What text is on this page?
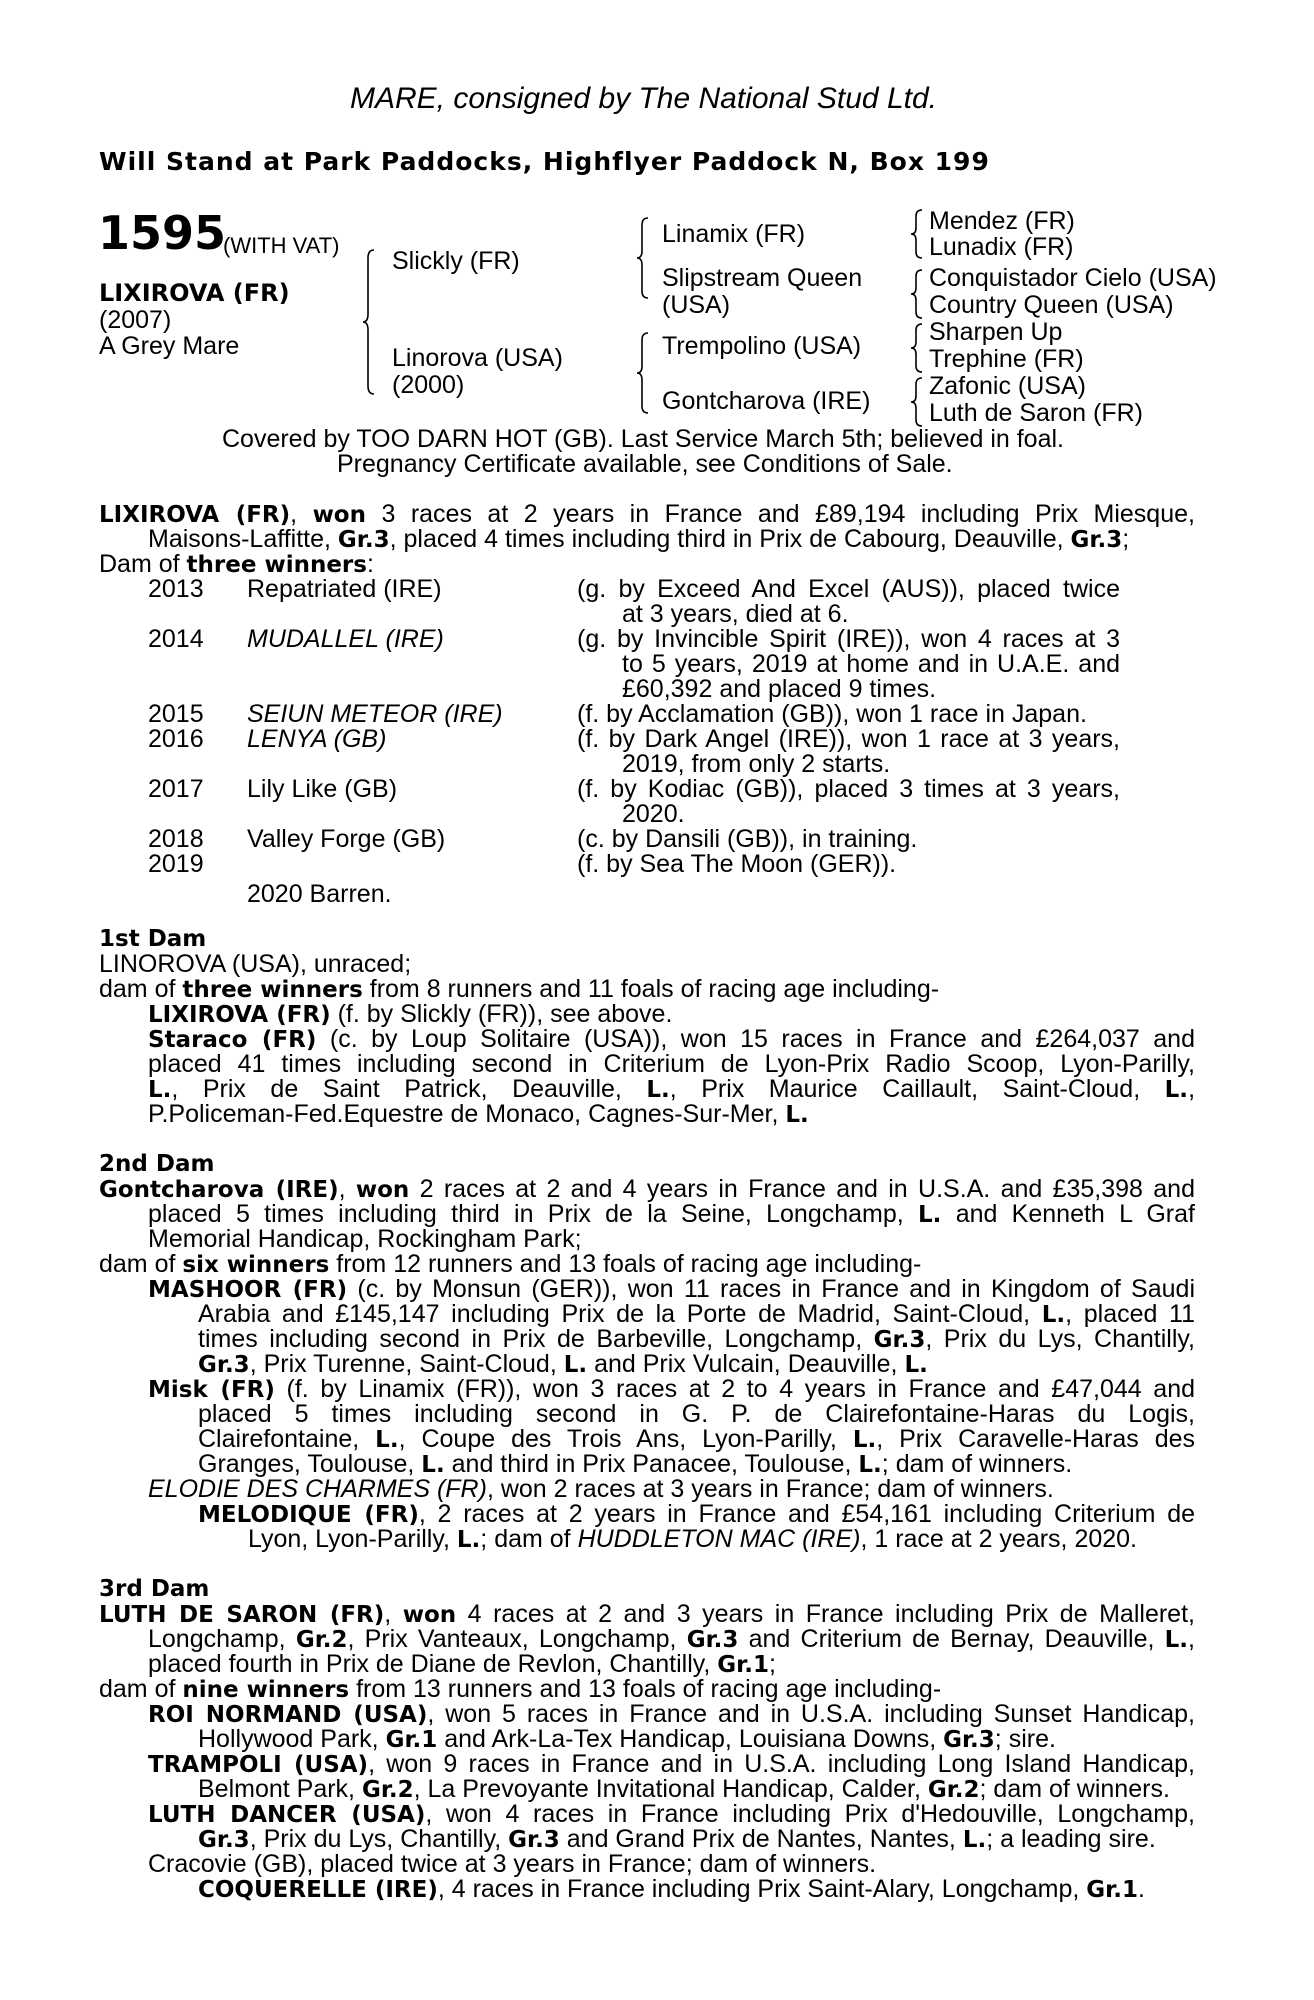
MARE, consigned by The National Stud Ltd.
Will Stand at Park Paddocks, Highflyer Paddock N, Box 199
1595
(WITH VAT)
LIXIROVA (FR)
(2007)
A Grey Mare
Slickly (FR)
Linorova (USA)
(2000)
Linamix (FR)
Slipstream Queen
(USA)
Trempolino (USA)
Gontcharova (IRE)
Mendez (FR)
Lunadix (FR)
Conquistador Cielo (USA)
Country Queen (USA)
Sharpen Up
Trephine (FR)
Zafonic (USA)
Luth de Saron (FR)
Covered by TOO DARN HOT (GB). Last Service March 5th; believed in foal.
Pregnancy Certificate available, see Conditions of Sale.
LIXIROVA (FR), won 3 races at 2 years in France and £89,194 including Prix Miesque,
Maisons-Laffitte, Gr.3, placed 4 times including third in Prix de Cabourg, Deauville, Gr.3;
Dam of three winners:
2013 Repatriated (IRE)	(g. by Exceed And Excel (AUS)), placed twice
at 3 years, died at 6.
2014 MUDALLEL (IRE)	(g. by Invincible Spirit (IRE)), won 4 races at 3
to 5 years, 2019 at home and in U.A.E. and
£60,392 and placed 9 times.
2015 SEIUN METEOR (IRE)	(f. by Acclamation (GB)), won 1 race in Japan.
2016 LENYA (GB)	(f. by Dark Angel (IRE)), won 1 race at 3 years,
2019, from only 2 starts.
2017 Lily Like (GB)	(f. by Kodiac (GB)), placed 3 times at 3 years,
2020.
2018 Valley Forge (GB)	(c. by Dansili (GB)), in training.
2019	(f. by Sea The Moon (GER)).
2020 Barren.
1st Dam
LINOROVA (USA), unraced;
dam of three winners from 8 runners and 11 foals of racing age including-
LIXIROVA (FR) (f. by Slickly (FR)), see above.
Staraco (FR) (c. by Loup Solitaire (USA)), won 15 races in France and £264,037 and
placed 41 times including second in Criterium de Lyon-Prix Radio Scoop, Lyon-Parilly,
L., Prix de Saint Patrick, Deauville, L., Prix Maurice Caillault, Saint-Cloud, L.,
P.Policeman-Fed.Equestre de Monaco, Cagnes-Sur-Mer, L.
2nd Dam
Gontcharova (IRE), won 2 races at 2 and 4 years in France and in U.S.A. and £35,398 and
placed 5 times including third in Prix de la Seine, Longchamp, L. and Kenneth L Graf
Memorial Handicap, Rockingham Park;
dam of six winners from 12 runners and 13 foals of racing age including-
MASHOOR (FR) (c. by Monsun (GER)), won 11 races in France and in Kingdom of Saudi
Arabia and £145,147 including Prix de la Porte de Madrid, Saint-Cloud, L., placed 11
times including second in Prix de Barbeville, Longchamp, Gr.3, Prix du Lys, Chantilly,
Gr.3, Prix Turenne, Saint-Cloud, L. and Prix Vulcain, Deauville, L.
Misk (FR) (f. by Linamix (FR)), won 3 races at 2 to 4 years in France and £47,044 and
placed 5 times including second in G. P. de Clairefontaine-Haras du Logis,
Clairefontaine, L., Coupe des Trois Ans, Lyon-Parilly, L., Prix Caravelle-Haras des
Granges, Toulouse, L. and third in Prix Panacee, Toulouse, L.; dam of winners.
ELODIE DES CHARMES (FR), won 2 races at 3 years in France; dam of winners.
MELODIQUE (FR), 2 races at 2 years in France and £54,161 including Criterium de
Lyon, Lyon-Parilly, L.; dam of HUDDLETON MAC (IRE), 1 race at 2 years, 2020.
3rd Dam
LUTH DE SARON (FR), won 4 races at 2 and 3 years in France including Prix de Malleret,
Longchamp, Gr.2, Prix Vanteaux, Longchamp, Gr.3 and Criterium de Bernay, Deauville, L.,
placed fourth in Prix de Diane de Revlon, Chantilly, Gr.1;
dam of nine winners from 13 runners and 13 foals of racing age including-
ROI NORMAND (USA), won 5 races in France and in U.S.A. including Sunset Handicap,
Hollywood Park, Gr.1 and Ark-La-Tex Handicap, Louisiana Downs, Gr.3; sire.
TRAMPOLI (USA), won 9 races in France and in U.S.A. including Long Island Handicap,
Belmont Park, Gr.2, La Prevoyante Invitational Handicap, Calder, Gr.2; dam of winners.
LUTH DANCER (USA), won 4 races in France including Prix d'Hedouville, Longchamp,
Gr.3, Prix du Lys, Chantilly, Gr.3 and Grand Prix de Nantes, Nantes, L.; a leading sire.
Cracovie (GB), placed twice at 3 years in France; dam of winners.
COQUERELLE (IRE), 4 races in France including Prix Saint-Alary, Longchamp, Gr.1.
